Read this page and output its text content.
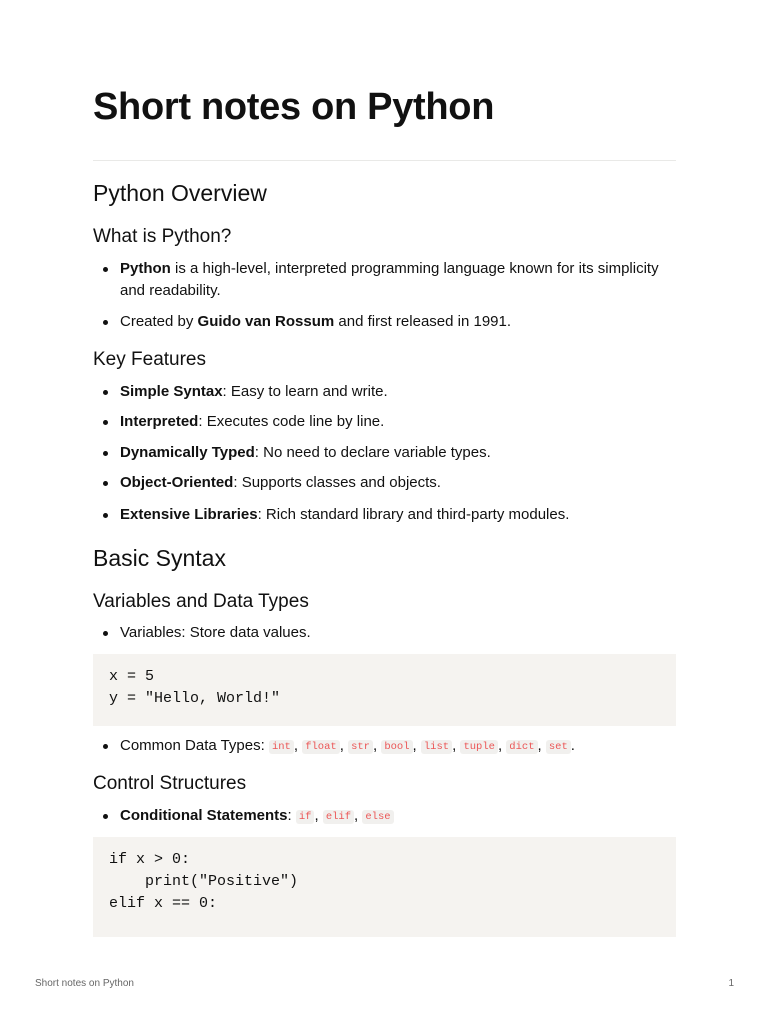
Short notes on Python
Python Overview
What is Python?
Python is a high-level, interpreted programming language known for its simplicity and readability.
Created by Guido van Rossum and first released in 1991.
Key Features
Simple Syntax: Easy to learn and write.
Interpreted: Executes code line by line.
Dynamically Typed: No need to declare variable types.
Object-Oriented: Supports classes and objects.
Extensive Libraries: Rich standard library and third-party modules.
Basic Syntax
Variables and Data Types
Variables: Store data values.
x = 5
y = "Hello, World!"
Common Data Types: int , float , str , bool , list , tuple , dict , set .
Control Structures
Conditional Statements: if , elif , else
if x > 0:
print("Positive")
elif x == 0:
Short notes on Python	1
